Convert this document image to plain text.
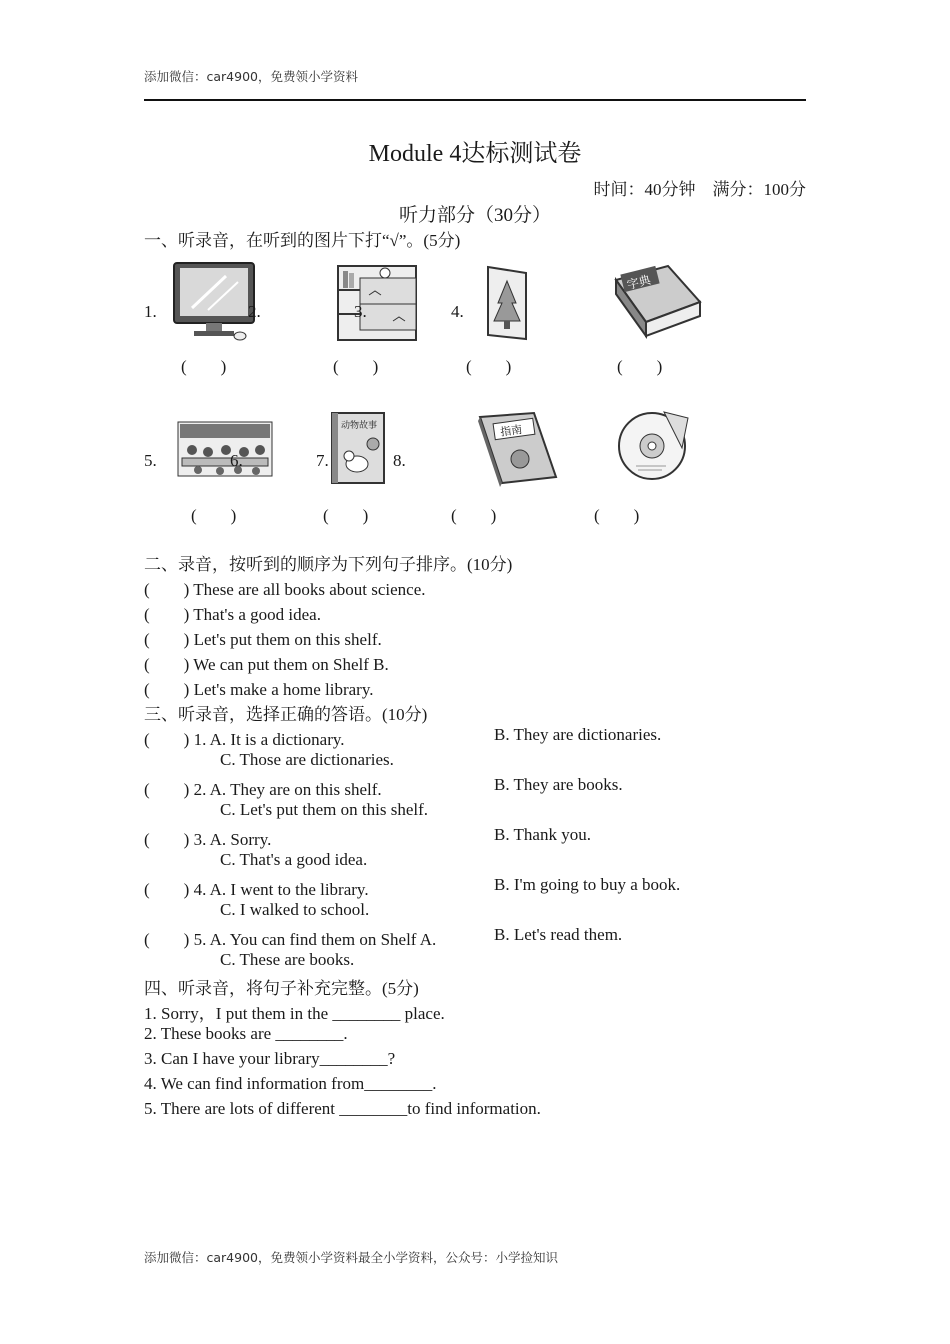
添加微信：car4900，免费领小学资料
Module 4达标测试卷
时间：40分钟　满分：100分
听力部分（30分）
一、听录音，在听到的图片下打“√”。(5分)
字典
1.	2.	3.	4.
(　　)	(　　)	(　　)	(　　)
动物故事	指南
5.	6.	7.	8.
(　　)	(　　)	(　　)	(　　)
二、录音，按听到的顺序为下列句子排序。(10分)
(　　) These are all books about science.
(　　) That's a good idea.
(　　) Let's put them on this shelf.
(　　) We can put them on Shelf B.
(　　) Let's make a home library.
三、听录音，选择正确的答语。(10分)
(　　) 1. A. It is a dictionary.	B. They are dictionaries.
C. Those are dictionaries.
(　　) 2. A. They are on this shelf.	B. They are books.
C. Let's put them on this shelf.
(　　) 3. A. Sorry.	B. Thank you.
C. That's a good idea.
(　　) 4. A. I went to the library.	B. I'm going to buy a book.
C. I walked to school.
(　　) 5. A. You can find them on Shelf A.	B. Let's read them.
C. These are books.
四、听录音，将句子补充完整。(5分)
1. Sorry，I put them in the ________ place.
2. These books are ________.
3. Can I have your library________?
4. We can find information from________.
5. There are lots of different ________to find information.
添加微信：car4900，免费领小学资料最全小学资料，公众号：小学捡知识
